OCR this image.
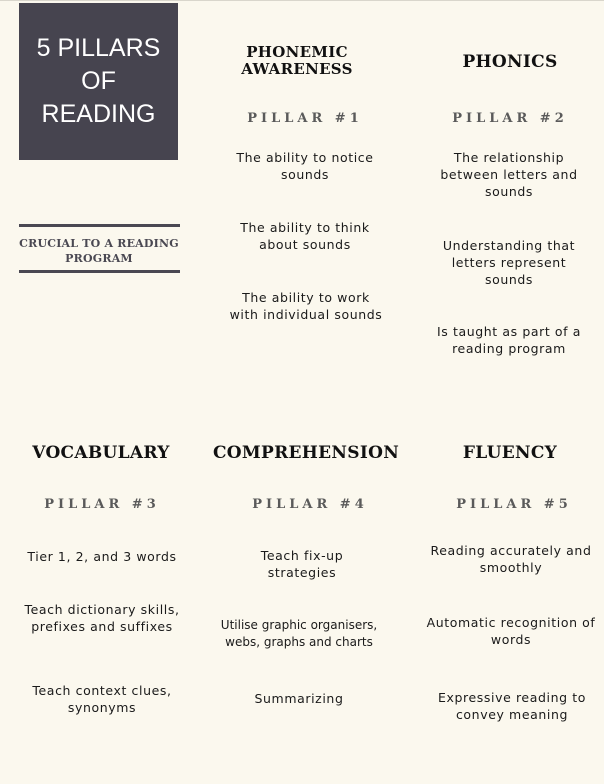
5 PILLARS
OF
READING
CRUCIAL TO A READING PROGRAM
PHONEMIC AWARENESS
PILLAR #1
The ability to notice sounds
The ability to think about sounds
The ability to work with individual sounds
PHONICS
PILLAR #2
The relationship between letters and sounds
Understanding that letters represent sounds
Is taught as part of a reading program
VOCABULARY
PILLAR #3
Tier 1, 2, and 3 words
Teach dictionary skills, prefixes and suffixes
Teach context clues, synonyms
COMPREHENSION
PILLAR #4
Teach fix-up strategies
Utilise graphic organisers, webs, graphs and charts
Summarizing
FLUENCY
PILLAR #5
Reading accurately and smoothly
Automatic recognition of words
Expressive reading to convey meaning
